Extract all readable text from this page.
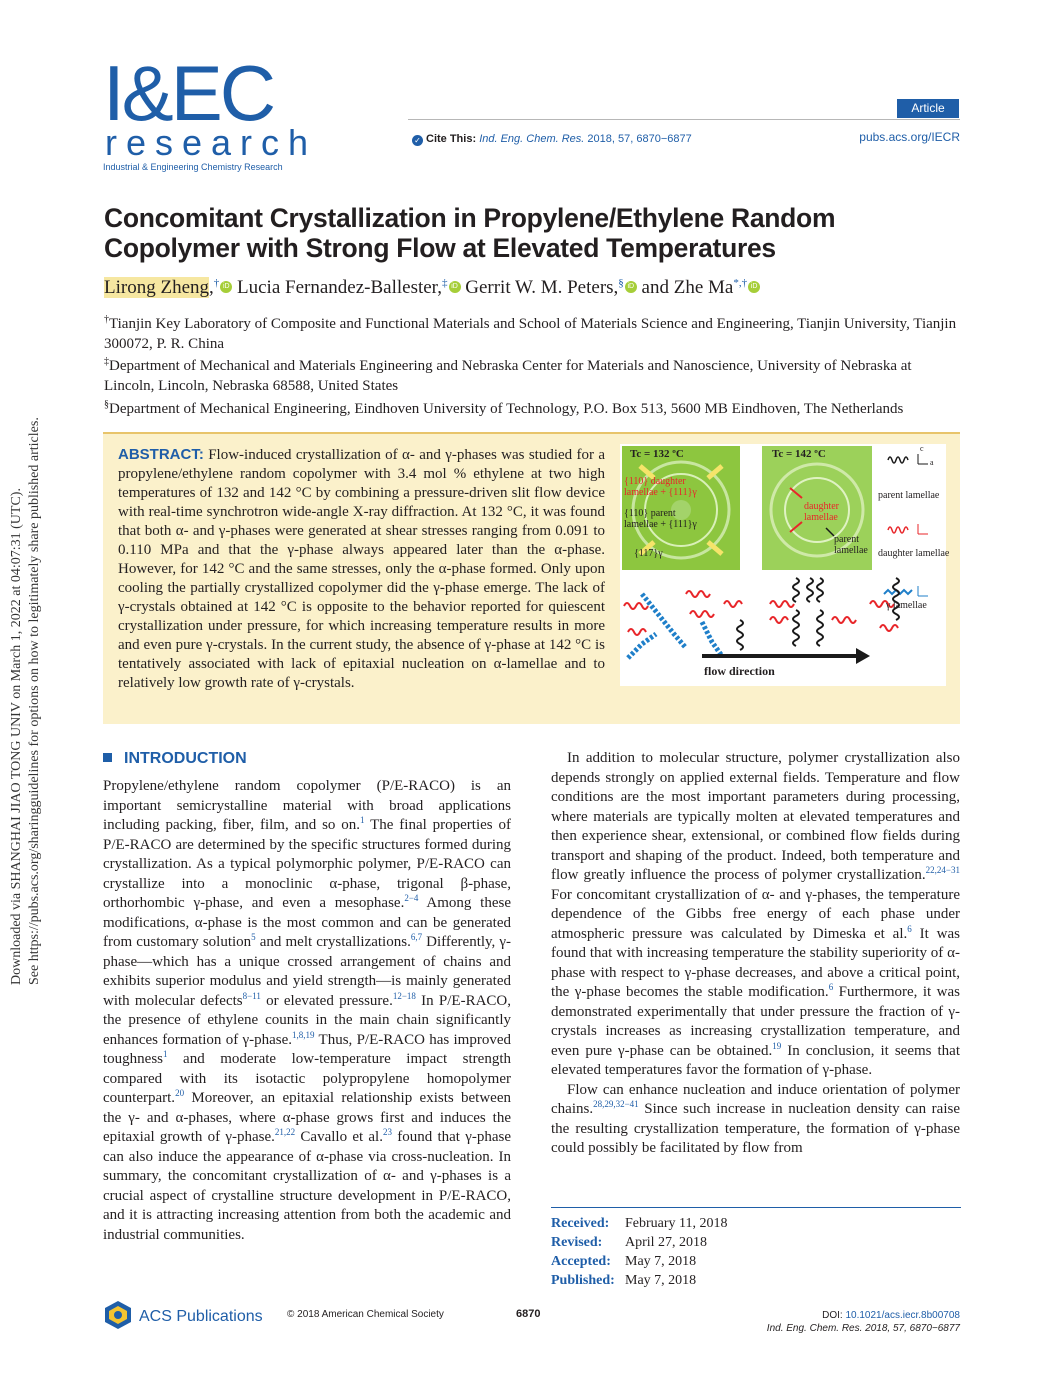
Downloaded via SHANGHAI JIAO TONG UNIV on March 1, 2022 at 04:07:31 (UTC). See https://pubs.acs.org/sharingguidelines for options on how to legitimately share published articles.
I&EC
research
Industrial & Engineering Chemistry Research
Article
✓ Cite This: Ind. Eng. Chem. Res. 2018, 57, 6870−6877	pubs.acs.org/IECR
Concomitant Crystallization in Propylene/Ethylene Random Copolymer with Strong Flow at Elevated Temperatures
Lirong Zheng,† iD Lucia Fernandez-Ballester,‡ iD Gerrit W. M. Peters,§ iD and Zhe Ma*,† iD
†Tianjin Key Laboratory of Composite and Functional Materials and School of Materials Science and Engineering, Tianjin University, Tianjin 300072, P. R. China
‡Department of Mechanical and Materials Engineering and Nebraska Center for Materials and Nanoscience, University of Nebraska at Lincoln, Lincoln, Nebraska 68588, United States
§Department of Mechanical Engineering, Eindhoven University of Technology, P.O. Box 513, 5600 MB Eindhoven, The Netherlands
ABSTRACT: Flow-induced crystallization of α- and γ-phases was studied for a propylene/ethylene random copolymer with 3.4 mol % ethylene at two high temperatures of 132 and 142 °C by combining a pressure-driven slit flow device with real-time synchrotron wide-angle X-ray diffraction. At 132 °C, it was found that both α- and γ-phases were generated at shear stresses ranging from 0.091 to 0.110 MPa and that the γ-phase always appeared later than the α-phase. However, for 142 °C and the same stresses, only the α-phase formed. Only upon cooling the partially crystallized copolymer did the γ-phase emerge. The lack of γ-crystals obtained at 142 °C is opposite to the behavior reported for quiescent crystallization under pressure, for which increasing temperature results in more and even pure γ-crystals. In the current study, the absence of γ-phase at 142 °C is tentatively associated with lack of epitaxial nucleation on α-lamellae and to relatively low growth rate of γ-crystals.
Tc = 132 ºC	Tc = 142 ºC
{110} daughter
lamellae + {111}γ
{110} parent
lamellae + {111}γ
{117}γ
daughter
lamellae
parent
lamellae
parent lamellae
daughter lamellae
γ lamellae
c
a
flow direction
INTRODUCTION

Propylene/ethylene random copolymer (P/E-RACO) is an important semicrystalline material with broad applications including packing, fiber, film, and so on.$^1$ The final properties of P/E-RACO are determined by the specific structures formed during crystallization. As a typical polymorphic polymer, P/E-RACO can crystallize into a monoclinic α-phase, trigonal β-phase, orthorhombic γ-phase, and even a mesophase.$^{2-4}$ Among these modifications, α-phase is the most common and can be generated from customary solution$^5$ and melt crystallizations.$^{6,7}$ Differently, γ-phase—which has a unique crossed arrangement of chains and exhibits superior modulus and yield strength—is mainly generated with molecular defects$^{8-11}$ or elevated pressure.$^{12-18}$ In P/E-RACO, the presence of ethylene counits in the main chain significantly enhances formation of γ-phase.$^{1,8,19}$ Thus, P/E-RACO has improved toughness$^1$ and moderate low-temperature impact strength compared with its isotactic polypropylene homopolymer counterpart.$^{20}$ Moreover, an epitaxial relationship exists between the γ- and α-phases, where α-phase grows first and induces the epitaxial growth of γ-phase.$^{21,22}$ Cavallo et al.$^{23}$ found that γ-phase can also induce the appearance of α-phase via cross-nucleation. In summary, the concomitant crystallization of α- and γ-phases is a crucial aspect of crystalline structure development in P/E-RACO, and it is attracting increasing attention from both the academic and industrial communities.

In addition to molecular structure, polymer crystallization also depends strongly on applied external fields. Temperature and flow conditions are the most important parameters during processing, where materials are typically molten at elevated temperatures and then experience shear, extensional, or combined flow fields during transport and shaping of the product. Indeed, both temperature and flow greatly influence the process of polymer crystallization.$^{22,24-31}$ For concomitant crystallization of α- and γ-phases, the temperature dependence of the Gibbs free energy of each phase under atmospheric pressure was calculated by Dimeska et al.$^6$ It was found that with increasing temperature the stability superiority of α-phase with respect to γ-phase decreases, and above a critical point, the γ-phase becomes the stable modification.$^6$ Furthermore, it was demonstrated experimentally that under pressure the fraction of γ-crystals increases as increasing crystallization temperature, and even pure γ-phase can be obtained.$^{19}$ In conclusion, it seems that elevated temperatures favor the formation of γ-phase.

Flow can enhance nucleation and induce orientation of polymer chains.$^{28,29,32-41}$ Since such increase in nucleation density can raise the resulting crystallization temperature, the formation of γ-phase could possibly be facilitated by flow from

Received:	February 11, 2018
Revised:	April 27, 2018
Accepted:	May 7, 2018
Published: May 7, 2018
ACS Publications © 2018 American Chemical Society	6870	DOI: 10.1021/acs.iecr.8b00708
Ind. Eng. Chem. Res. 2018, 57, 6870−6877
